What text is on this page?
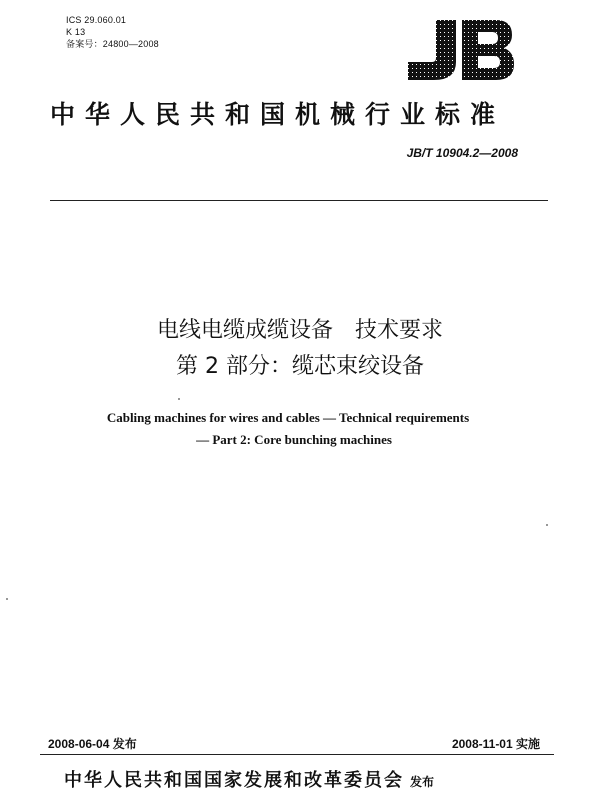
ICS 29.060.01
K 13
备案号：24800—2008
中华人民共和国机械行业标准
JB/T 10904.2—2008
电线电缆成缆设备 技术要求
第 2 部分：缆芯束绞设备
Cabling machines for wires and cables — Technical requirements
— Part 2: Core bunching machines
2008-06-04 发布	2008-11-01 实施
中华人民共和国国家发展和改革委员会 发布
